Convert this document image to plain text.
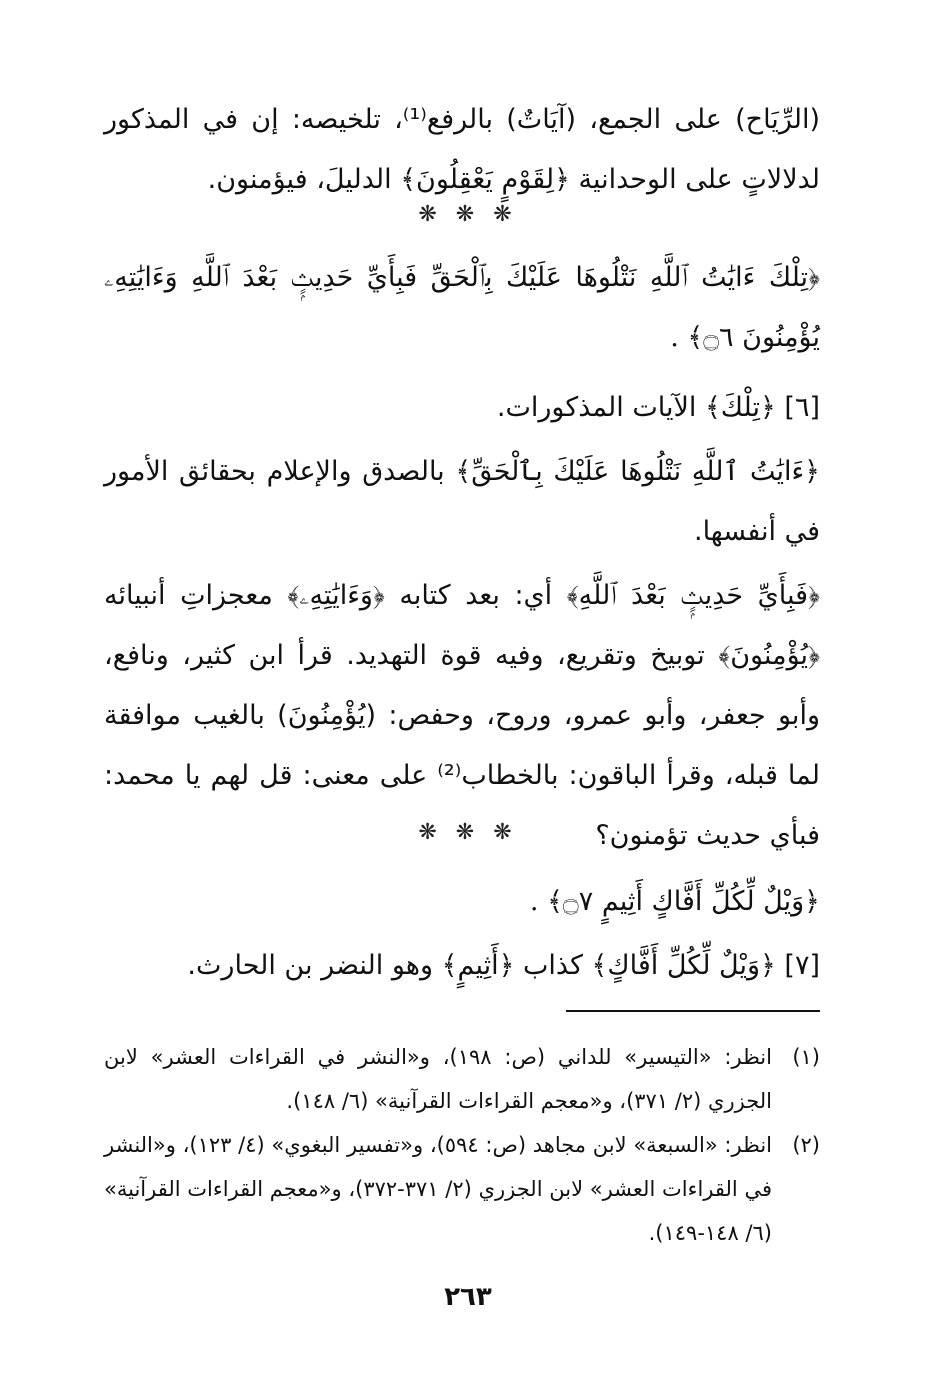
(الرِّيَاح) على الجمع، (آيَاتٌ) بالرفع⁽¹⁾، تلخيصه: إن في المذكور لدلالاتٍ على الوحدانية ﴿لِقَوْمٍ يَعْقِلُونَ﴾ الدليلَ، فيؤمنون.

❋ ❋ ❋

﴿تِلْكَ ءَايَٰتُ ٱللَّهِ نَتْلُوهَا عَلَيْكَ بِٱلْحَقِّ فَبِأَيِّ حَدِيثٍۭ بَعْدَ ٱللَّهِ وَءَايَٰتِهِۦ يُؤْمِنُونَ ۝٦﴾ .

[٦] ﴿تِلْكَ﴾ الآيات المذكورات.

﴿ءَايَٰتُ ٱللَّهِ نَتْلُوهَا عَلَيْكَ بِٱلْحَقِّ﴾ بالصدق والإعلام بحقائق الأمور في أنفسها.

﴿فَبِأَيِّ حَدِيثٍۭ بَعْدَ ٱللَّهِ﴾ أي: بعد كتابه ﴿وَءَايَٰتِهِۦ﴾ معجزاتِ أنبيائه ﴿يُؤْمِنُونَ﴾ توبيخ وتقريع، وفيه قوة التهديد. قرأ ابن كثير، ونافع، وأبو جعفر، وأبو عمرو، وروح، وحفص: (يُؤْمِنُونَ) بالغيب موافقة لما قبله، وقرأ الباقون: بالخطاب⁽²⁾ على معنى: قل لهم يا محمد: فبأي حديث تؤمنون؟

❋ ❋ ❋

﴿وَيْلٌ لِّكُلِّ أَفَّاكٍ أَثِيمٍ ۝٧﴾ .

[٧] ﴿وَيْلٌ لِّكُلِّ أَفَّاكٍ﴾ كذاب ﴿أَثِيمٍ﴾ وهو النضر بن الحارث.

(١)
انظر: «التيسير» للداني (ص: ١٩٨)، و«النشر في القراءات العشر» لابن الجزري (٢/ ٣٧١)، و«معجم القراءات القرآنية» (٦/ ١٤٨).

(٢)
انظر: «السبعة» لابن مجاهد (ص: ٥٩٤)، و«تفسير البغوي» (٤/ ١٢٣)، و«النشر في القراءات العشر» لابن الجزري (٢/ ٣٧١-٣٧٢)، و«معجم القراءات القرآنية» (٦/ ١٤٨-١٤٩).

٢٦٣
